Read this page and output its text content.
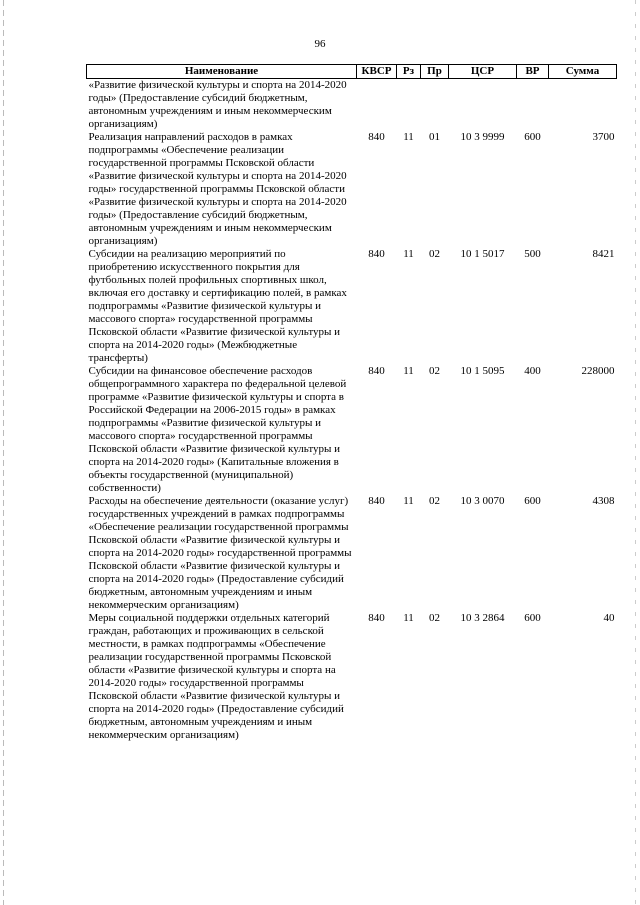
96
Наименование	КВСР	Рз	Пр	ЦСР	ВР	Сумма
«Развитие физической культуры и спорта на 2014-2020 годы» (Предоставление субсидий бюджетным, автономным учреждениям и иным некоммерческим организациям)						
Реализация направлений расходов в рамках подпрограммы «Обеспечение реализации государственной программы Псковской области «Развитие физической культуры и спорта на 2014-2020 годы» государственной программы Псковской области «Развитие физической культуры и спорта на 2014-2020 годы» (Предоставление субсидий бюджетным, автономным учреждениям и иным некоммерческим организациям)	840	11	01	10 3 9999	600	3700
Субсидии на реализацию мероприятий по приобретению искусственного покрытия для футбольных полей профильных спортивных школ, включая его доставку и сертификацию полей, в рамках подпрограммы «Развитие физической культуры и массового спорта» государственной программы Псковской области «Развитие физической культуры и спорта на 2014-2020 годы» (Межбюджетные трансферты)	840	11	02	10 1 5017	500	8421
Субсидии на финансовое обеспечение расходов общепрограммного характера по федеральной целевой программе «Развитие физической культуры и спорта в Российской Федерации на 2006-2015 годы» в рамках подпрограммы «Развитие физической культуры и массового спорта» государственной программы Псковской области «Развитие физической культуры и спорта на 2014-2020 годы» (Капитальные вложения в объекты государственной (муниципальной) собственности)	840	11	02	10 1 5095	400	228000
Расходы на обеспечение деятельности (оказание услуг) государственных учреждений в рамках подпрограммы «Обеспечение реализации государственной программы Псковской области «Развитие физической культуры и спорта на 2014-2020 годы» государственной программы Псковской области «Развитие физической культуры и спорта на 2014-2020 годы» (Предоставление субсидий бюджетным, автономным учреждениям и иным некоммерческим организациям)	840	11	02	10 3 0070	600	4308
Меры социальной поддержки отдельных категорий граждан, работающих и проживающих в сельской местности, в рамках подпрограммы «Обеспечение реализации государственной программы Псковской области «Развитие физической культуры и спорта на 2014-2020 годы» государственной программы Псковской области «Развитие физической культуры и спорта на 2014-2020 годы» (Предоставление субсидий бюджетным, автономным учреждениям и иным некоммерческим организациям)	840	11	02	10 3 2864	600	40
